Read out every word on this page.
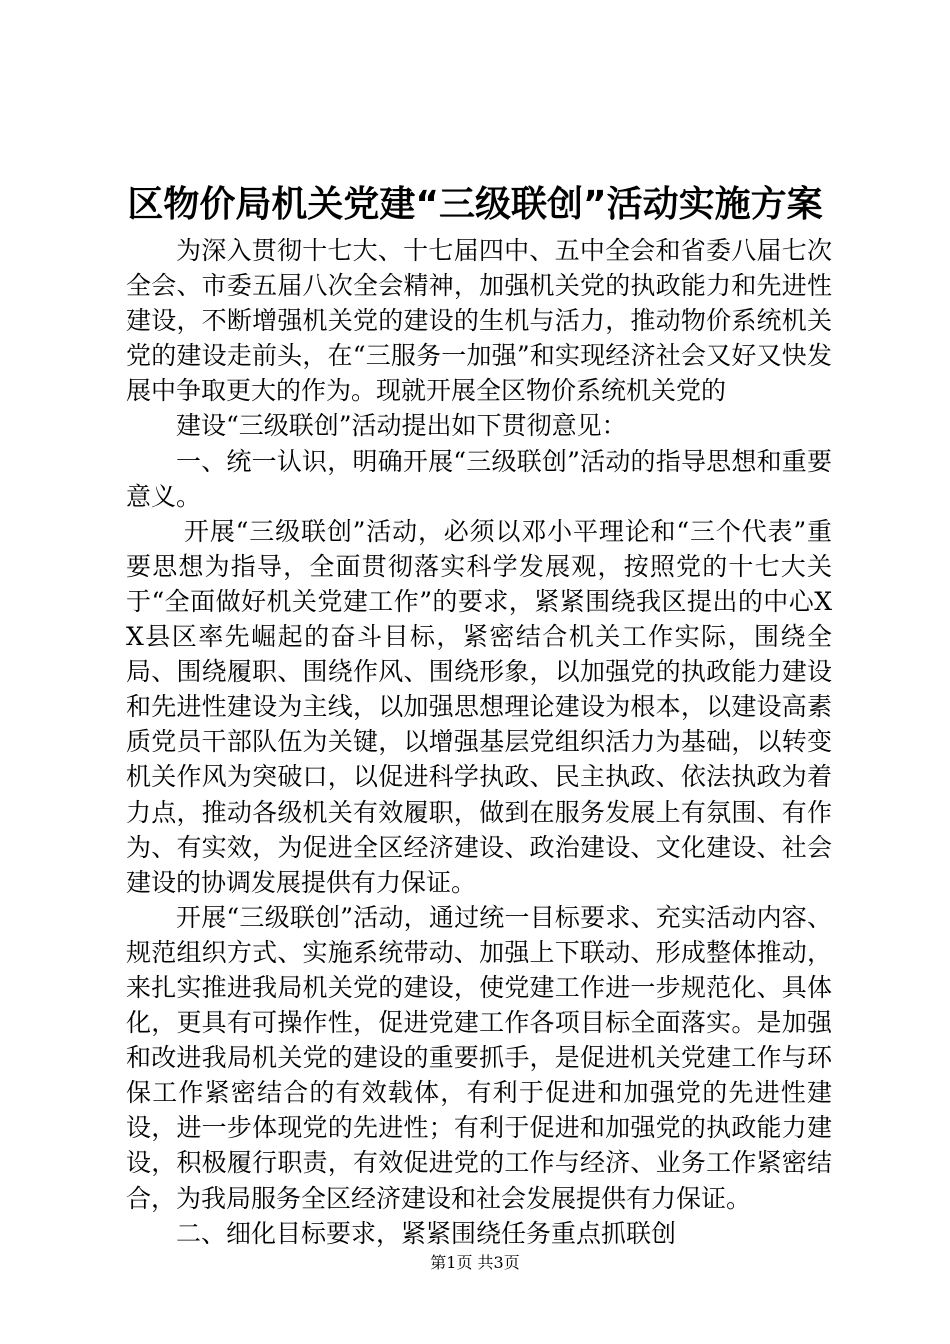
区物价局机关党建“三级联创”活动实施方案

为深入贯彻十七大、十七届四中、五中全会和省委八届七次全会、市委五届八次全会精神，加强机关党的执政能力和先进性建设，不断增强机关党的建设的生机与活力，推动物价系统机关党的建设走前头，在“三服务一加强”和实现经济社会又好又快发展中争取更大的作为。现就开展全区物价系统机关党的

建设“三级联创”活动提出如下贯彻意见：

一、统一认识，明确开展“三级联创”活动的指导思想和重要意义。

开展“三级联创”活动，必须以邓小平理论和“三个代表”重要思想为指导，全面贯彻落实科学发展观，按照党的十七大关于“全面做好机关党建工作”的要求，紧紧围绕我区提出的中心XX县区率先崛起的奋斗目标，紧密结合机关工作实际，围绕全局、围绕履职、围绕作风、围绕形象，以加强党的执政能力建设和先进性建设为主线，以加强思想理论建设为根本，以建设高素质党员干部队伍为关键，以增强基层党组织活力为基础，以转变机关作风为突破口，以促进科学执政、民主执政、依法执政为着力点，推动各级机关有效履职，做到在服务发展上有氛围、有作为、有实效，为促进全区经济建设、政治建设、文化建设、社会建设的协调发展提供有力保证。

开展“三级联创”活动，通过统一目标要求、充实活动内容、规范组织方式、实施系统带动、加强上下联动、形成整体推动，来扎实推进我局机关党的建设，使党建工作进一步规范化、具体化，更具有可操作性，促进党建工作各项目标全面落实。是加强和改进我局机关党的建设的重要抓手，是促进机关党建工作与环保工作紧密结合的有效载体，有利于促进和加强党的先进性建设，进一步体现党的先进性；有利于促进和加强党的执政能力建设，积极履行职责，有效促进党的工作与经济、业务工作紧密结合，为我局服务全区经济建设和社会发展提供有力保证。

二、细化目标要求，紧紧围绕任务重点抓联创

第1页 共3页
